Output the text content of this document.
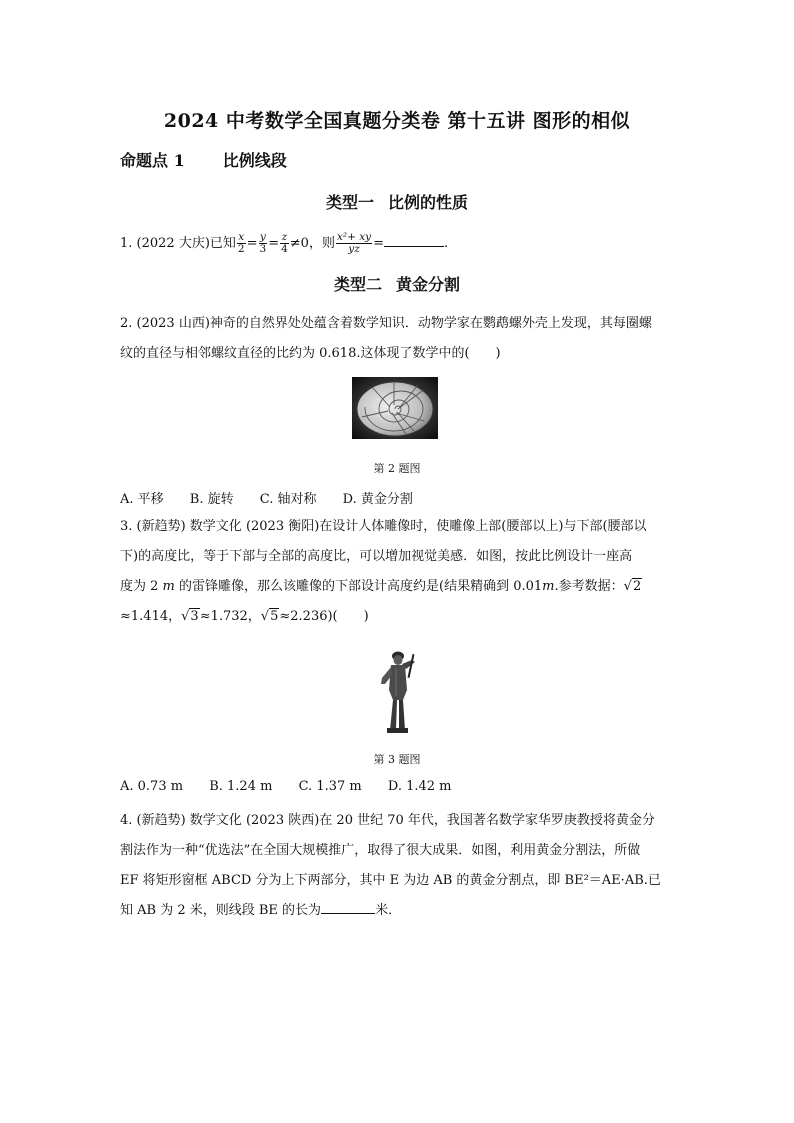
2024 中考数学全国真题分类卷 第十五讲 图形的相似
命题点 1 比例线段
类型一 比例的性质
1. (2022 大庆)已知 $\frac{x}{2} = \frac{y}{3} = \frac{z}{4} \ne 0$，则 $\frac{\text{x²+ xy}}{yz}$ =	.
类型二 黄金分割
2. (2023 山西)神奇的自然界处处蕴含着数学知识．动物学家在鹦鹉螺外壳上发现，其每圈螺
纹的直径与相邻螺纹直径的比约为 0.618.这体现了数学中的(　　)
第 2 题图
A. 平移 B. 旋转 C. 轴对称 D. 黄金分割
3. (新趋势) 数学文化 (2023 衡阳)在设计人体雕像时，使雕像上部(腰部以上)与下部(腰部以
下)的高度比，等于下部与全部的高度比，可以增加视觉美感．如图，按此比例设计一座高
度为 2 m 的雷锋雕像，那么该雕像的下部设计高度约是(结果精确到 0.01m.参考数据：√2
≈1.414，√3≈1.732，√5≈2.236)(　　)
第 3 题图
A. 0.73 m B. 1.24 m C. 1.37 m D. 1.42 m
4. (新趋势) 数学文化 (2023 陕西)在 20 世纪 70 年代，我国著名数学家华罗庚教授将黄金分
割法作为一种“优选法”在全国大规模推广，取得了很大成果．如图，利用黄金分割法，所做
EF 将矩形窗框 ABCD 分为上下两部分，其中 E 为边 AB 的黄金分割点，即 BE²＝AE·AB.已
知 AB 为 2 米，则线段 BE 的长为	米．
